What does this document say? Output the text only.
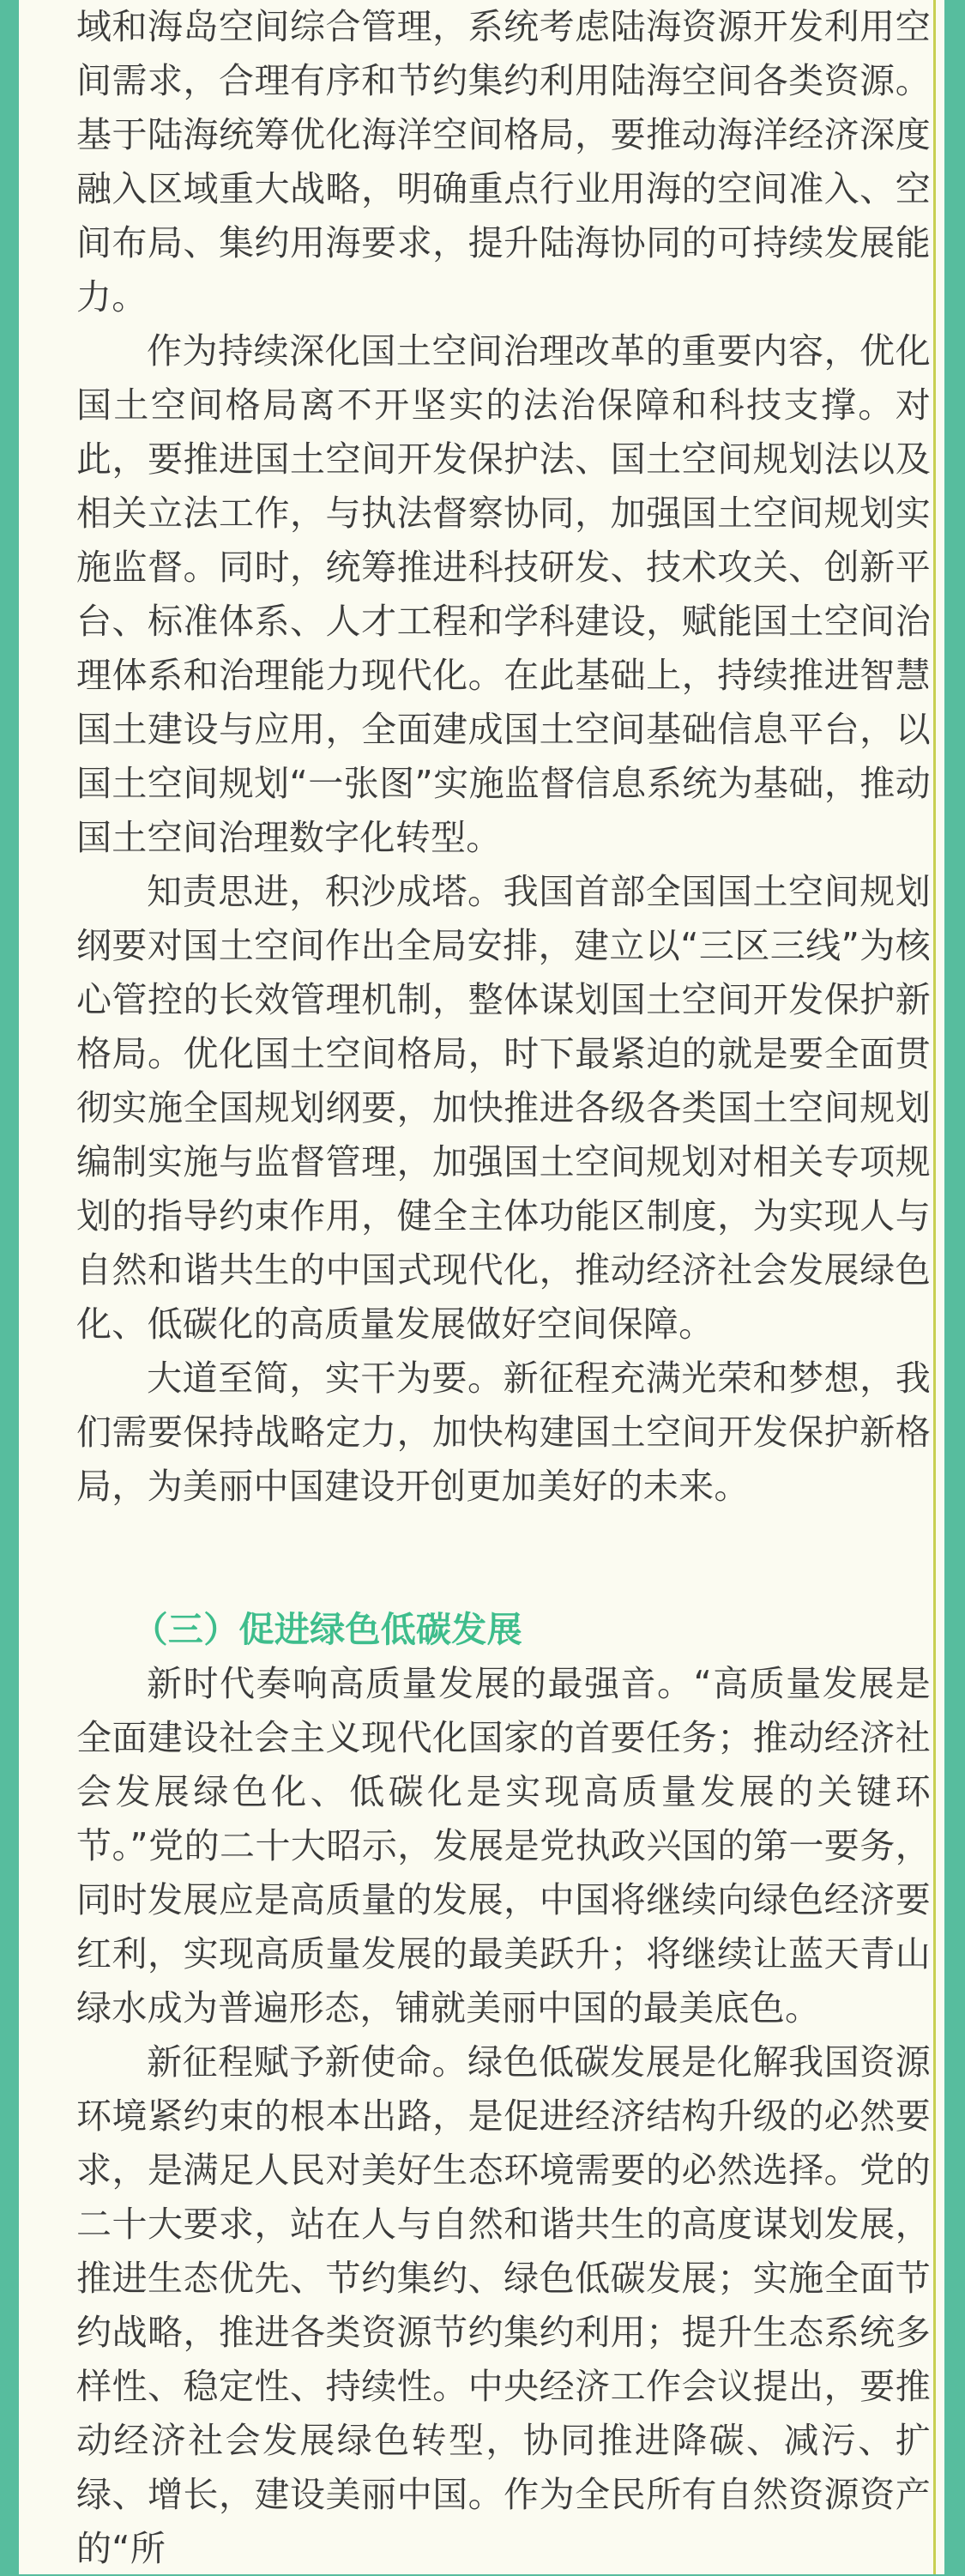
域和海岛空间综合管理，系统考虑陆海资源开发利用空间需求，合理有序和节约集约利用陆海空间各类资源。基于陆海统筹优化海洋空间格局，要推动海洋经济深度融入区域重大战略，明确重点行业用海的空间准入、空间布局、集约用海要求，提升陆海协同的可持续发展能力。

作为持续深化国土空间治理改革的重要内容，优化国土空间格局离不开坚实的法治保障和科技支撑。对此，要推进国土空间开发保护法、国土空间规划法以及相关立法工作，与执法督察协同，加强国土空间规划实施监督。同时，统筹推进科技研发、技术攻关、创新平台、标准体系、人才工程和学科建设，赋能国土空间治理体系和治理能力现代化。在此基础上，持续推进智慧国土建设与应用，全面建成国土空间基础信息平台，以国土空间规划“一张图”实施监督信息系统为基础，推动国土空间治理数字化转型。

知责思进，积沙成塔。我国首部全国国土空间规划纲要对国土空间作出全局安排，建立以“三区三线”为核心管控的长效管理机制，整体谋划国土空间开发保护新格局。优化国土空间格局，时下最紧迫的就是要全面贯彻实施全国规划纲要，加快推进各级各类国土空间规划编制实施与监督管理，加强国土空间规划对相关专项规划的指导约束作用，健全主体功能区制度，为实现人与自然和谐共生的中国式现代化，推动经济社会发展绿色化、低碳化的高质量发展做好空间保障。

大道至简，实干为要。新征程充满光荣和梦想，我们需要保持战略定力，加快构建国土空间开发保护新格局，为美丽中国建设开创更加美好的未来。

（三）促进绿色低碳发展

新时代奏响高质量发展的最强音。“高质量发展是全面建设社会主义现代化国家的首要任务；推动经济社会发展绿色化、低碳化是实现高质量发展的关键环节。”党的二十大昭示，发展是党执政兴国的第一要务，同时发展应是高质量的发展，中国将继续向绿色经济要红利，实现高质量发展的最美跃升；将继续让蓝天青山绿水成为普遍形态，铺就美丽中国的最美底色。

新征程赋予新使命。绿色低碳发展是化解我国资源环境紧约束的根本出路，是促进经济结构升级的必然要求，是满足人民对美好生态环境需要的必然选择。党的二十大要求，站在人与自然和谐共生的高度谋划发展，推进生态优先、节约集约、绿色低碳发展；实施全面节约战略，推进各类资源节约集约利用；提升生态系统多样性、稳定性、持续性。中央经济工作会议提出，要推动经济社会发展绿色转型，协同推进降碳、减污、扩绿、增长，建设美丽中国。作为全民所有自然资源资产的“所
